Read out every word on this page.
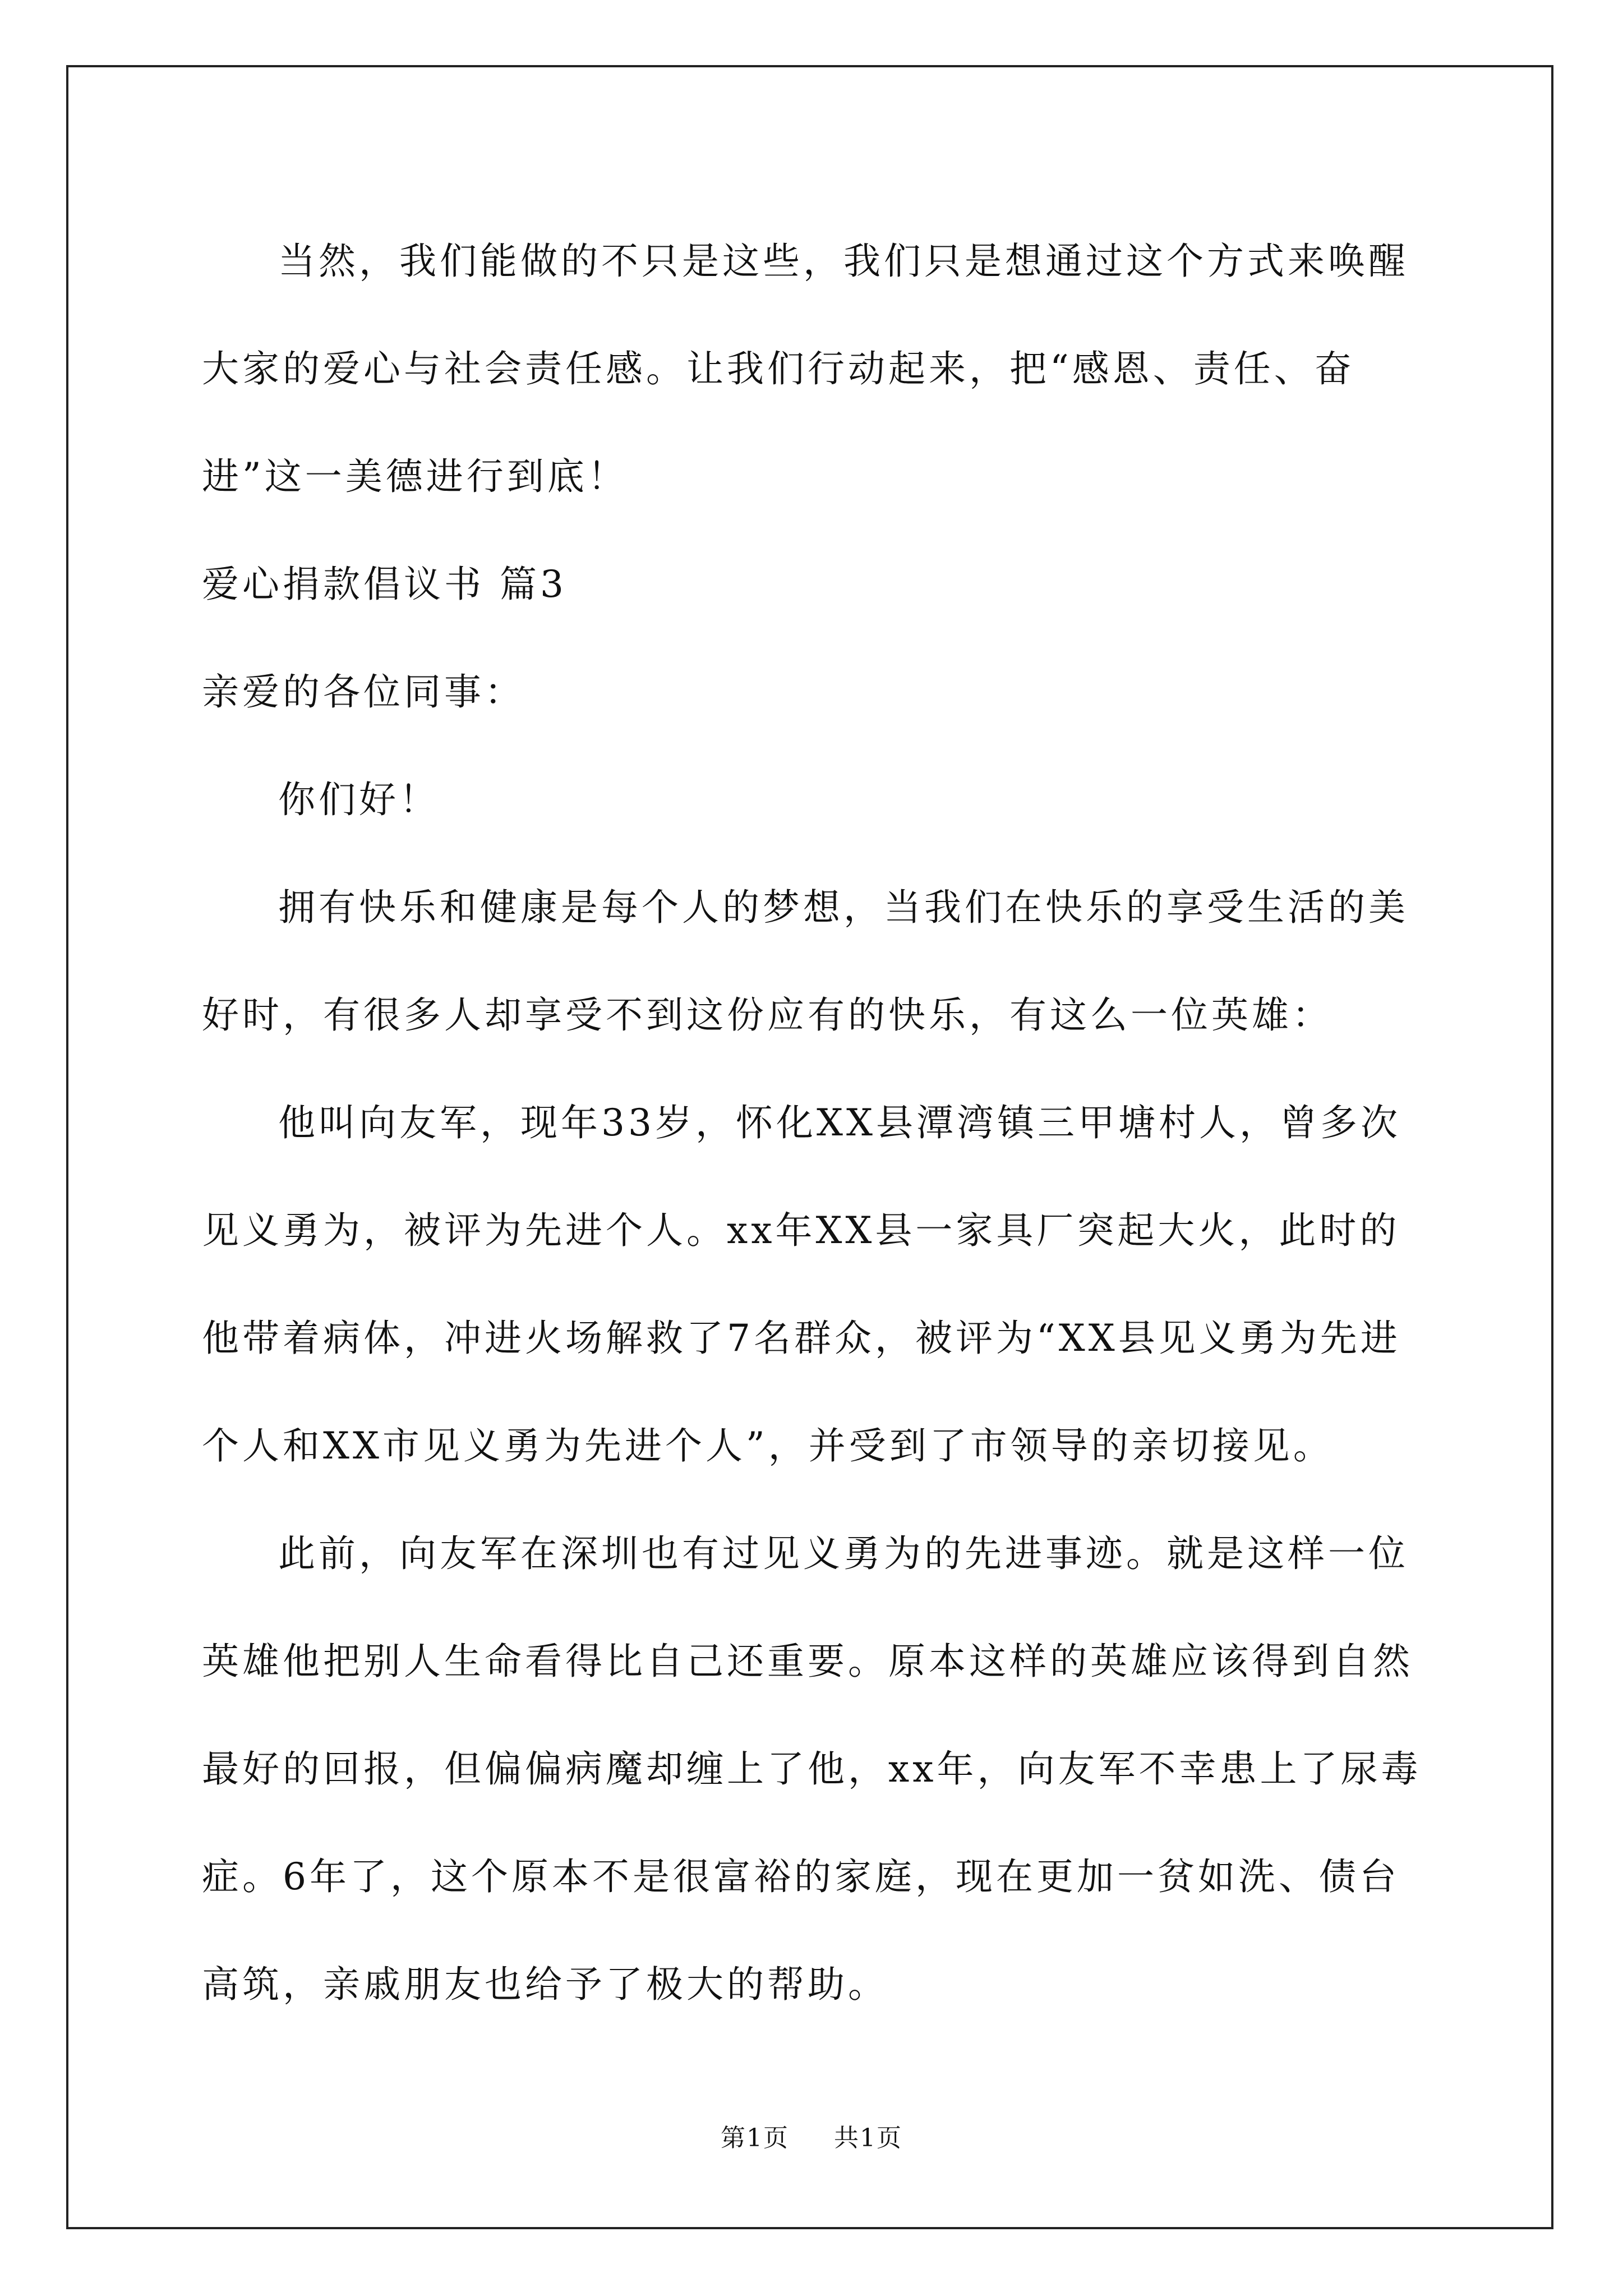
当然，我们能做的不只是这些，我们只是想通过这个方式来唤醒大家的爱心与社会责任感。让我们行动起来，把“感恩、责任、奋进”这一美德进行到底！

爱心捐款倡议书 篇3

亲爱的各位同事：

你们好！

拥有快乐和健康是每个人的梦想，当我们在快乐的享受生活的美好时，有很多人却享受不到这份应有的快乐，有这么一位英雄：

他叫向友军，现年33岁，怀化XX县潭湾镇三甲塘村人，曾多次见义勇为，被评为先进个人。xx年XX县一家具厂突起大火，此时的他带着病体，冲进火场解救了7名群众，被评为“XX县见义勇为先进个人和XX市见义勇为先进个人”，并受到了市领导的亲切接见。

此前，向友军在深圳也有过见义勇为的先进事迹。就是这样一位英雄他把别人生命看得比自己还重要。原本这样的英雄应该得到自然最好的回报，但偏偏病魔却缠上了他，xx年，向友军不幸患上了尿毒症。6年了，这个原本不是很富裕的家庭，现在更加一贫如洗、债台高筑，亲戚朋友也给予了极大的帮助。

第1页 共1页
